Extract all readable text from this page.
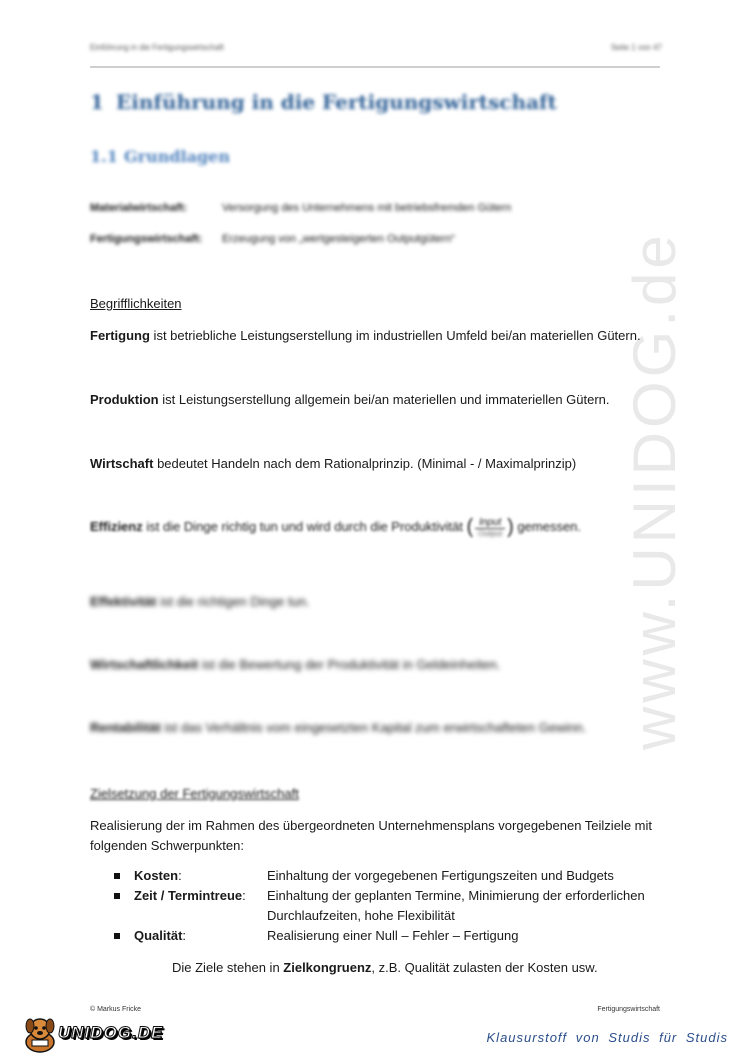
www.UNIDOG.de
Einführung in die Fertigungswirtschaft	Seite 1 von 47
1 Einführung in die Fertigungswirtschaft
1.1 Grundlagen
Materialwirtschaft:	Versorgung des Unternehmens mit betriebsfremden Gütern
Fertigungswirtschaft: Erzeugung von „wertgesteigerten Outputgütern“
Begrifflichkeiten
Fertigung ist betriebliche Leistungserstellung im industriellen Umfeld bei/an materiellen Gütern.
Produktion ist Leistungserstellung allgemein bei/an materiellen und immateriellen Gütern.
Wirtschaft bedeutet Handeln nach dem Rationalprinzip. (Minimal - / Maximalprinzip)
Effizienz ist die Dinge richtig tun und wird durch die Produktivität ( $\frac{\text{Input}}{\text{Output}}$ ) gemessen.
Effektivität ist die richtigen Dinge tun.
Wirtschaftlichkeit ist die Bewertung der Produktivität in Geldeinheiten.
Rentabilität ist das Verhältnis vom eingesetzten Kapital zum erwirtschafteten Gewinn.
Zielsetzung der Fertigungswirtschaft
Realisierung der im Rahmen des übergeordneten Unternehmensplans vorgegebenen Teilziele mit
folgenden Schwerpunkten:
Kosten:	Einhaltung der vorgegebenen Fertigungszeiten und Budgets
Zeit / Termintreue: Einhaltung der geplanten Termine, Minimierung der erforderlichen Durchlaufzeiten, hohe Flexibilität
Qualität:	Realisierung einer Null – Fehler – Fertigung
Die Ziele stehen in Zielkongruenz, z.B. Qualität zulasten der Kosten usw.
© Markus Fricke	Fertigungswirtschaft
UNIDOG.DE	Klausurstoff von Studis für Studis
